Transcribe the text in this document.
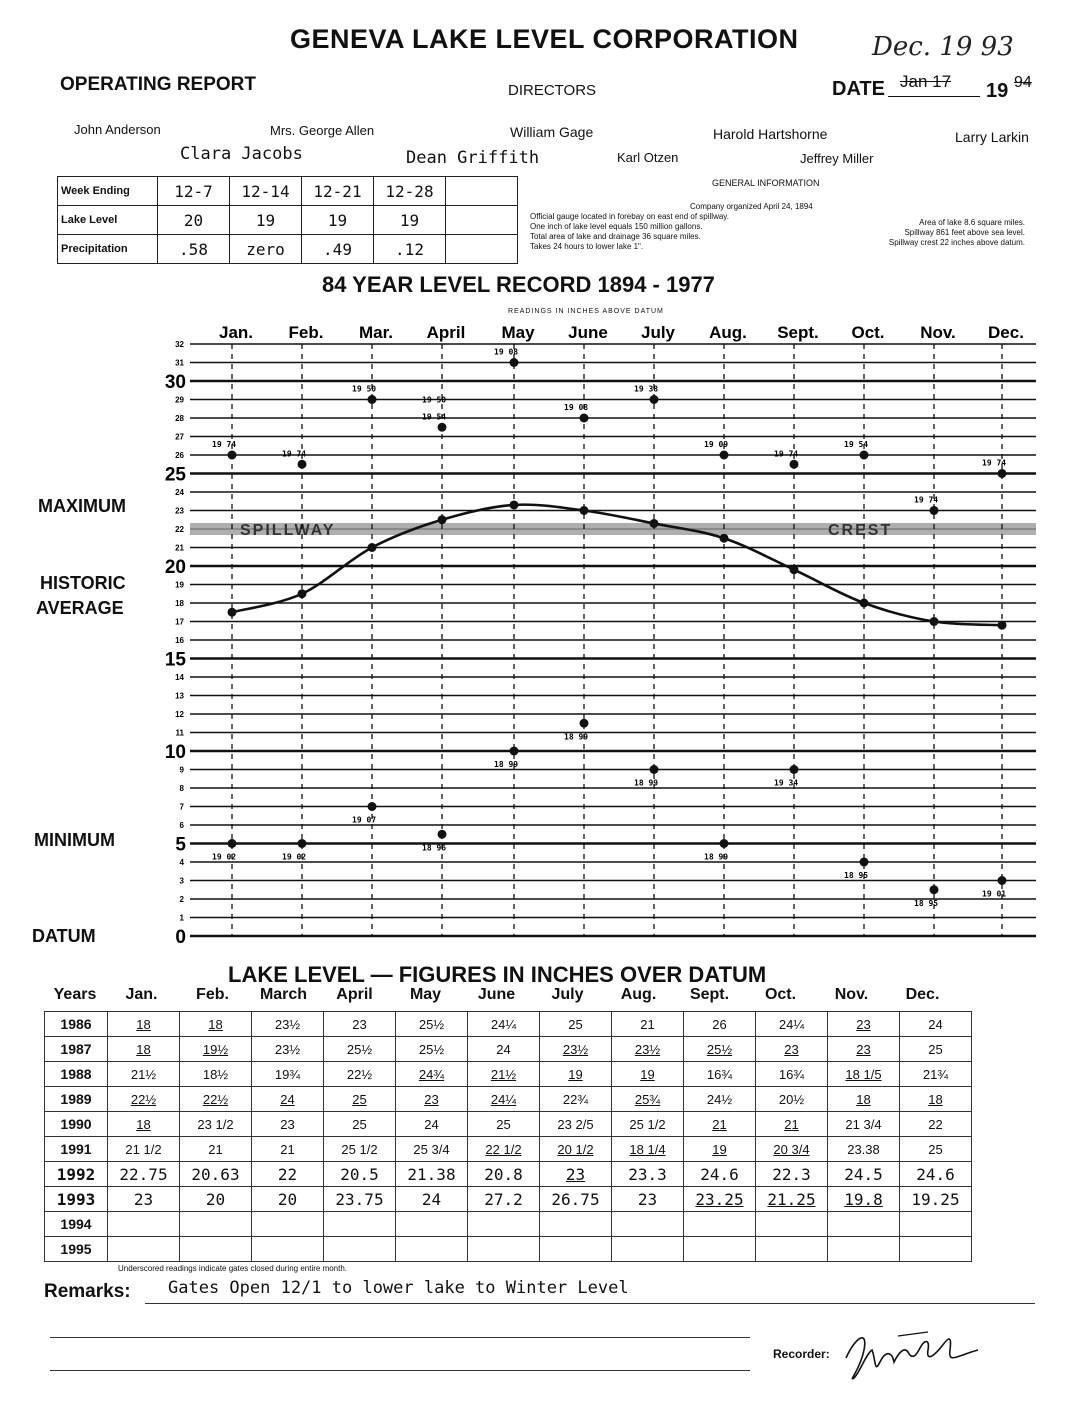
GENEVA LAKE LEVEL CORPORATION	Dec. 19 93
OPERATING REPORT	DIRECTORS	DATE Jan 17 19 94
John Anderson	Mrs. George Allen	William Gage	Harold Hartshorne	Larry Larkin
Clara Jacobs	Dean Griffith	Karl Otzen	Jeffrey Miller
Week Ending	12-7	12-14	12-21	12-28	
Lake Level	20	19	19	19	
Precipitation	.58	zero	.49	.12	
GENERAL INFORMATION
Company organized April 24, 1894
Official gauge located in forebay on east end of spillway.
One inch of lake level equals 150 million gallons.
Total area of lake and drainage 36 square miles.
Takes 24 hours to lower lake 1".
Area of lake 8.6 square miles.
Spillway 861 feet above sea level.
Spillway crest 22 inches above datum.
84 YEAR LEVEL RECORD 1894 - 1977
READINGS IN INCHES ABOVE DATUM
0
1
2
3
4
5
6
7
8
9
10
11
12
13
14
15
16
17
18
19
20
21
22
23
24
25
26
27
28
29
30
31
32
SPILLWAY	CREST
Jan. Feb. Mar. April May June July Aug. Sept. Oct. Nov. Dec.
19 74
19 74
19 50
19 54
19 08
19 08
19 38
19 09
19 74
19 54
19 74
19 74
19 02	19 02
19 07
18 96
18 99
18 99
18 99
18 99
19 34
18 95
18 95
19 01
19 50
MAXIMUM
HISTORIC
AVERAGE
MINIMUM
DATUM
LAKE LEVEL — FIGURES IN INCHES OVER DATUM
Years	Jan.	Feb.	March	April	May	June	July	Aug.	Sept.	Oct.	Nov.	Dec.
1986	18	18	23½	23	25½	24¼	25	21	26	24¼	23	24
1987	18	19½	23½	25½	25½	24	23½	23½	25½	23	23	25
1988	21½	18½	19¾	22½	24¾	21½	19	19	16¾	16¾	18 1/5	21¾
1989	22½	22½	24	25	23	24¼	22¾	25¾	24½	20½	18	18
1990	18	23 1/2	23	25	24	25	23 2/5	25 1/2	21	21	21 3/4	22
1991	21 1/2	21	21	25 1/2	25 3/4	22 1/2	20 1/2	18 1/4	19	20 3/4	23.38	25
1992	22.75	20.63	22	20.5	21.38	20.8	23	23.3	24.6	22.3	24.5	24.6
1993	23	20	20	23.75	24	27.2	26.75	23	23.25	21.25	19.8	19.25
1994												
1995												
Underscored readings indicate gates closed during entire month.
Remarks: Gates Open 12/1 to lower lake to Winter Level
Recorder:
